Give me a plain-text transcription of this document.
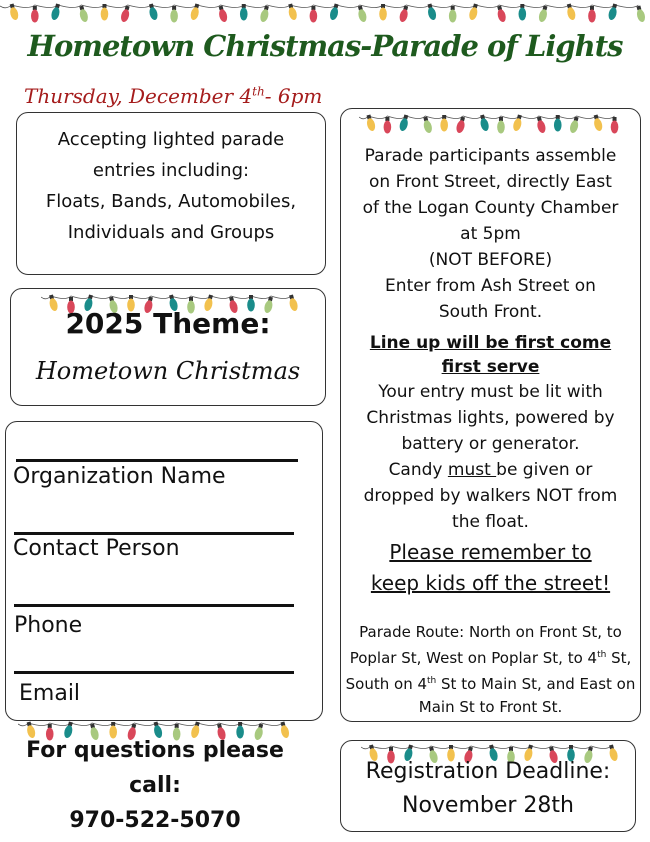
Hometown Christmas-Parade of Lights
Thursday, December 4th- 6pm
Accepting lighted parade
entries including:
Floats, Bands, Automobiles,
Individuals and Groups
2025 Theme:
Hometown Christmas
Organization Name
Contact Person
Phone
Email
For questions please
call:
970-522-5070
Parade participants assemble
on Front Street, directly East
of the Logan County Chamber
at 5pm
(NOT BEFORE)
Enter from Ash Street on
South Front.
Line up will be first come first serve
Your entry must be lit with
Christmas lights, powered by
battery or generator.
Candy must be given or
dropped by walkers NOT from
the float.
Please remember to
keep kids off the street!
Parade Route: North on Front St, to Poplar St, West on Poplar St, to 4th St, South on 4th St to Main St, and East on Main St to Front St.
Registration Deadline:
November 28th
